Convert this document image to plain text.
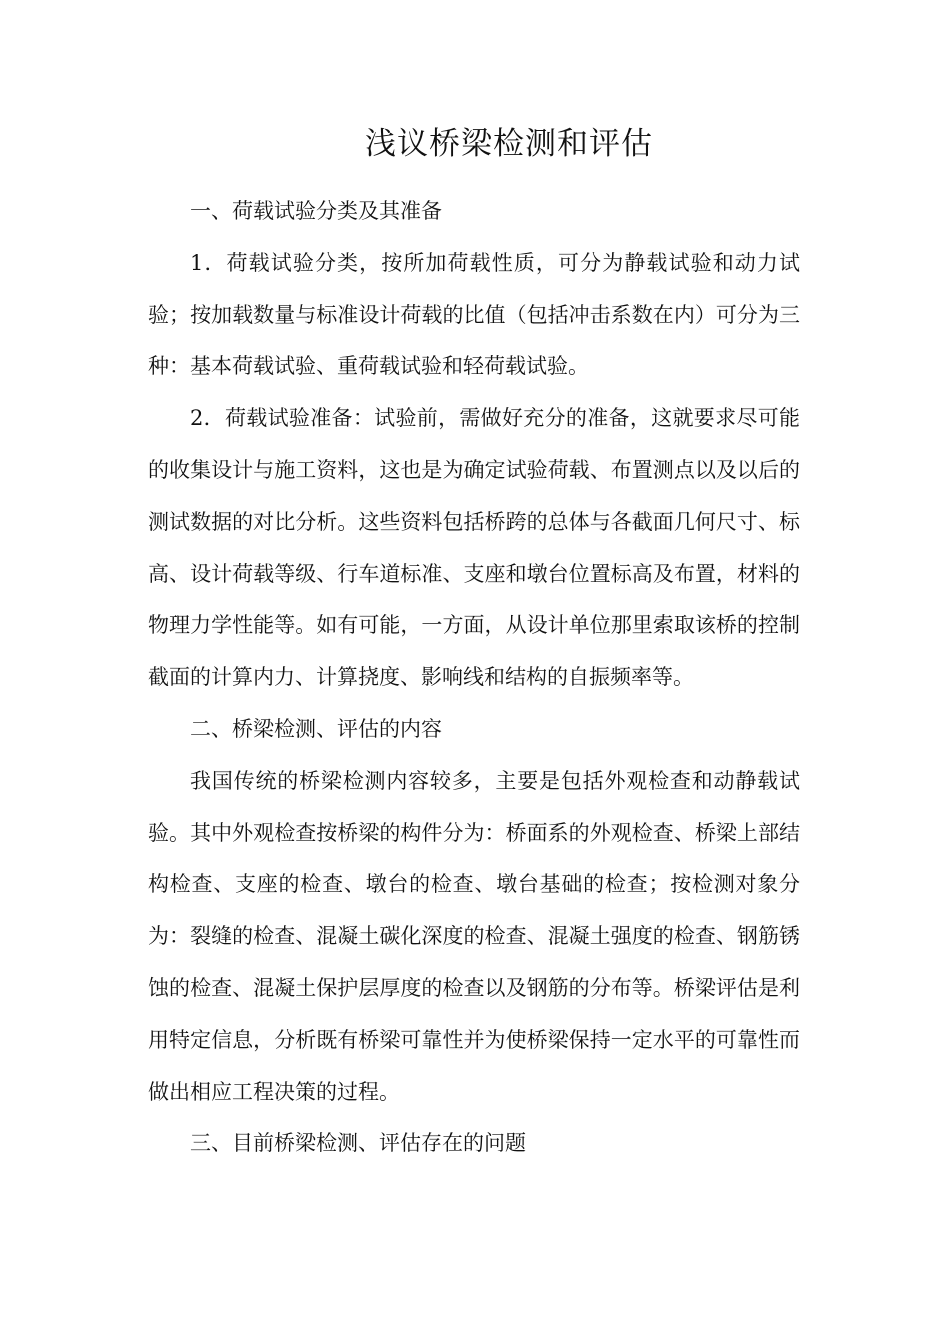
浅议桥梁检测和评估

一、荷载试验分类及其准备

1．荷载试验分类，按所加荷载性质，可分为静载试验和动力试验；按加载数量与标准设计荷载的比值（包括冲击系数在内）可分为三种：基本荷载试验、重荷载试验和轻荷载试验。

2．荷载试验准备：试验前，需做好充分的准备，这就要求尽可能的收集设计与施工资料，这也是为确定试验荷载、布置测点以及以后的测试数据的对比分析。这些资料包括桥跨的总体与各截面几何尺寸、标高、设计荷载等级、行车道标准、支座和墩台位置标高及布置，材料的物理力学性能等。如有可能，一方面，从设计单位那里索取该桥的控制截面的计算内力、计算挠度、影响线和结构的自振频率等。

二、桥梁检测、评估的内容

我国传统的桥梁检测内容较多，主要是包括外观检查和动静载试验。其中外观检查按桥梁的构件分为：桥面系的外观检查、桥梁上部结构检查、支座的检查、墩台的检查、墩台基础的检查；按检测对象分为：裂缝的检查、混凝土碳化深度的检查、混凝土强度的检查、钢筋锈蚀的检查、混凝土保护层厚度的检查以及钢筋的分布等。桥梁评估是利用特定信息，分析既有桥梁可靠性并为使桥梁保持一定水平的可靠性而做出相应工程决策的过程。

三、目前桥梁检测、评估存在的问题
